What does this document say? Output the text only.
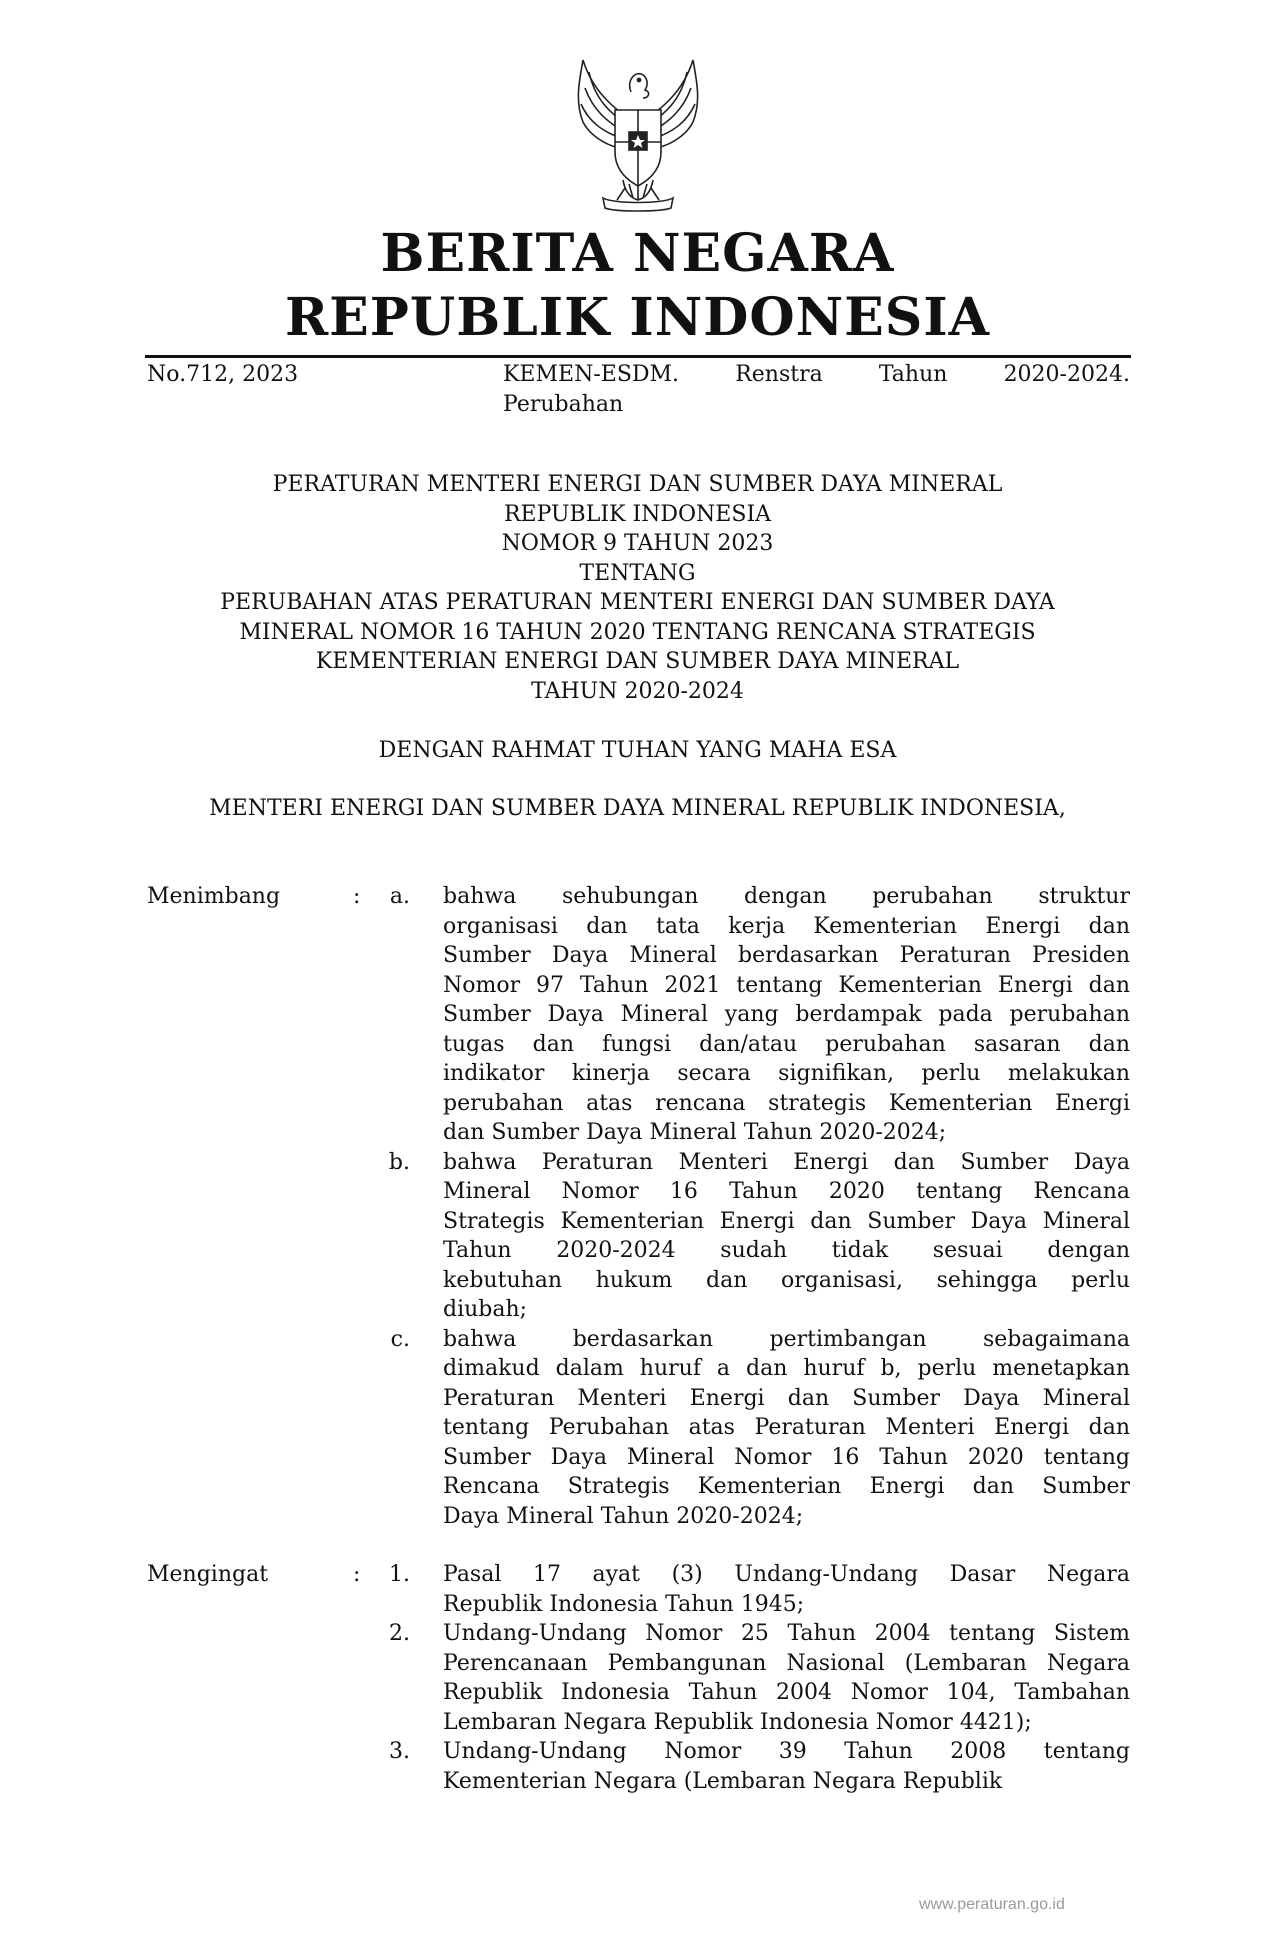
BERITA NEGARA
REPUBLIK INDONESIA
No.712, 2023	KEMEN-ESDM.	Renstra	Tahun	2020-2024.
Perubahan
PERATURAN MENTERI ENERGI DAN SUMBER DAYA MINERAL
REPUBLIK INDONESIA
NOMOR 9 TAHUN 2023
TENTANG
PERUBAHAN ATAS PERATURAN MENTERI ENERGI DAN SUMBER DAYA
MINERAL NOMOR 16 TAHUN 2020 TENTANG RENCANA STRATEGIS
KEMENTERIAN ENERGI DAN SUMBER DAYA MINERAL
TAHUN 2020-2024
DENGAN RAHMAT TUHAN YANG MAHA ESA
MENTERI ENERGI DAN SUMBER DAYA MINERAL REPUBLIK INDONESIA,
Menimbang	:	a. bahwa sehubungan dengan perubahan struktur
organisasi dan tata kerja Kementerian Energi dan
Sumber Daya Mineral berdasarkan Peraturan Presiden
Nomor 97 Tahun 2021 tentang Kementerian Energi dan
Sumber Daya Mineral yang berdampak pada perubahan
tugas dan fungsi dan/atau perubahan sasaran dan
indikator kinerja secara signifikan, perlu melakukan
perubahan atas rencana strategis Kementerian Energi
dan Sumber Daya Mineral Tahun 2020-2024;
b. bahwa Peraturan Menteri Energi dan Sumber Daya
Mineral Nomor 16 Tahun 2020 tentang Rencana
Strategis Kementerian Energi dan Sumber Daya Mineral
Tahun 2020-2024 sudah tidak sesuai dengan
kebutuhan hukum dan organisasi, sehingga perlu
diubah;
c. bahwa berdasarkan pertimbangan sebagaimana
dimakud dalam huruf a dan huruf b, perlu menetapkan
Peraturan Menteri Energi dan Sumber Daya Mineral
tentang Perubahan atas Peraturan Menteri Energi dan
Sumber Daya Mineral Nomor 16 Tahun 2020 tentang
Rencana Strategis Kementerian Energi dan Sumber
Daya Mineral Tahun 2020-2024;
Mengingat	:	1. Pasal 17 ayat (3) Undang-Undang Dasar Negara
Republik Indonesia Tahun 1945;
2. Undang-Undang Nomor 25 Tahun 2004 tentang Sistem
Perencanaan Pembangunan Nasional (Lembaran Negara
Republik Indonesia Tahun 2004 Nomor 104, Tambahan
Lembaran Negara Republik Indonesia Nomor 4421);
3. Undang-Undang Nomor 39 Tahun 2008 tentang
Kementerian Negara (Lembaran Negara Republik
www.peraturan.go.id
